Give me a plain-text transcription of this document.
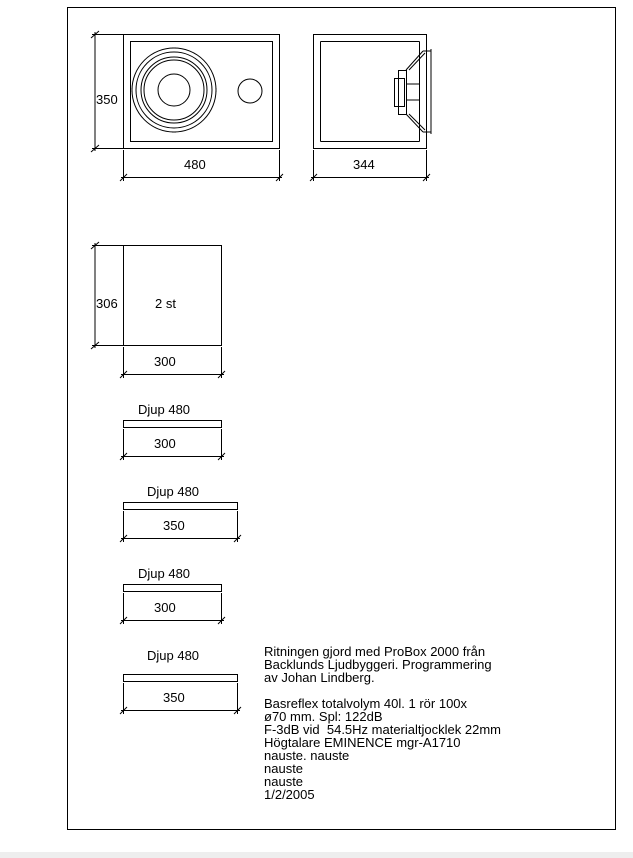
350
480	344
2 st
306
300
Djup 480
300
Djup 480
350
Djup 480
300
Djup 480
350
Ritningen gjord med ProBox 2000 från
Backlunds Ljudbyggeri. Programmering
av Johan Lindberg.
Basreflex totalvolym 40l. 1 rör 100x
ø70 mm. Spl: 122dB
F-3dB vid  54.5Hz materialtjocklek 22mm
Högtalare EMINENCE mgr-A1710
nauste. nauste
nauste
nauste
1/2/2005
